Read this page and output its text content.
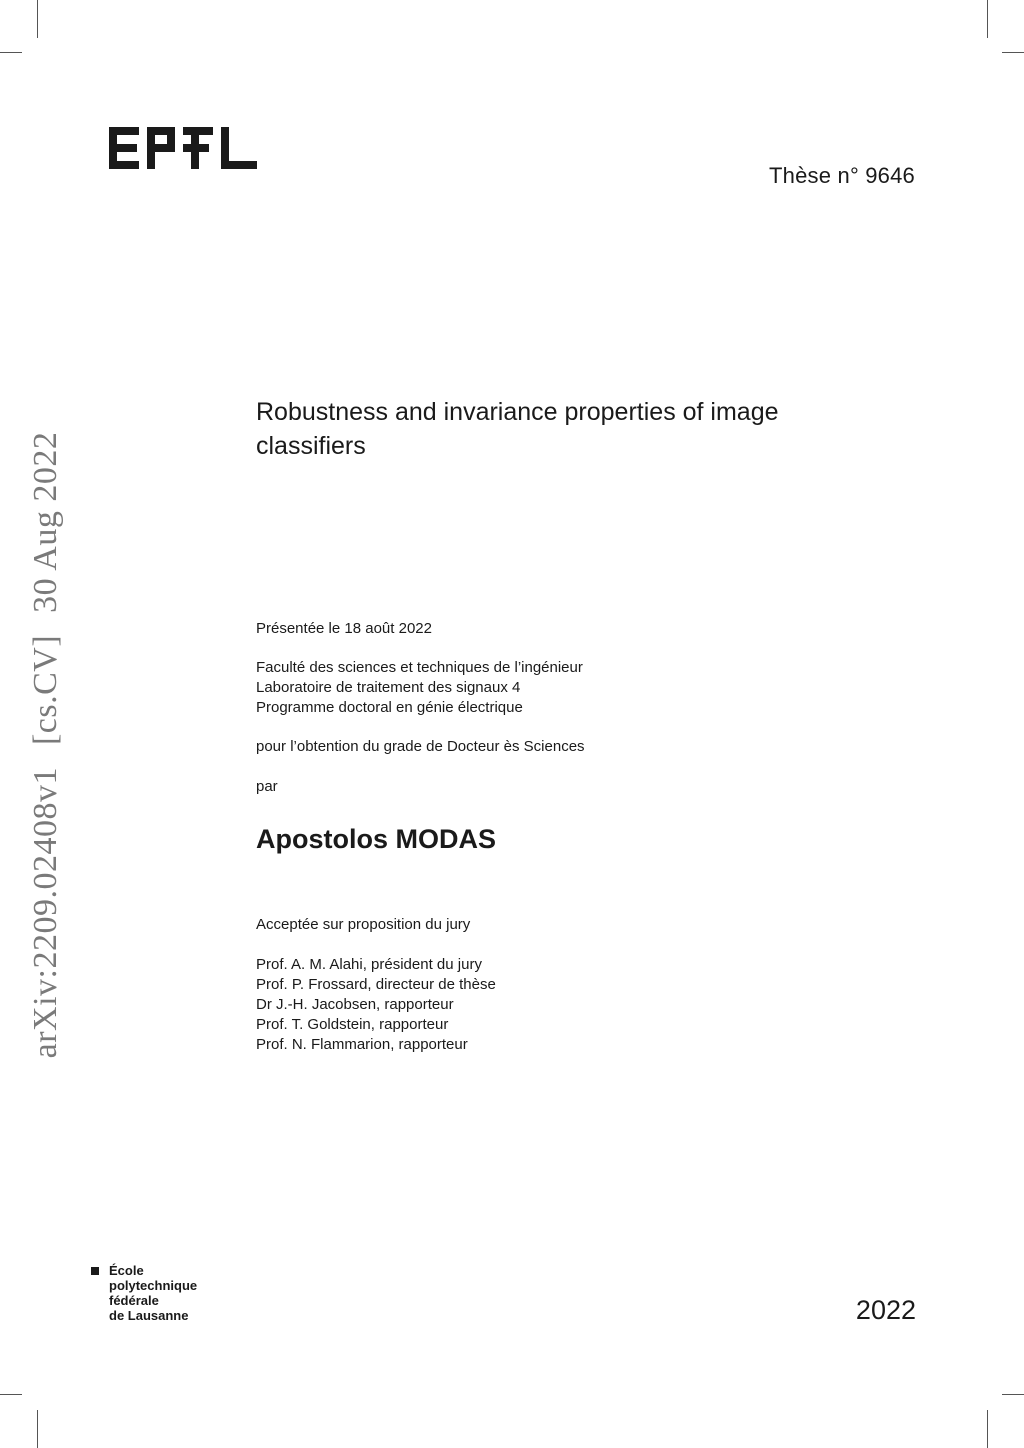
Thèse n° 9646
Robustness and invariance properties of image
classifiers
arXiv:2209.02408v1[cs.CV]30 Aug 2022
Présentée le 18 août 2022
Faculté des sciences et techniques de l’ingénieur
Laboratoire de traitement des signaux 4
Programme doctoral en génie électrique
pour l’obtention du grade de Docteur ès Sciences
par
Apostolos MODAS
Acceptée sur proposition du jury
Prof. A. M. Alahi, président du jury
Prof. P. Frossard, directeur de thèse
Dr J.-H. Jacobsen, rapporteur
Prof. T. Goldstein, rapporteur
Prof. N. Flammarion, rapporteur
École
polytechnique
fédérale
de Lausanne	2022
